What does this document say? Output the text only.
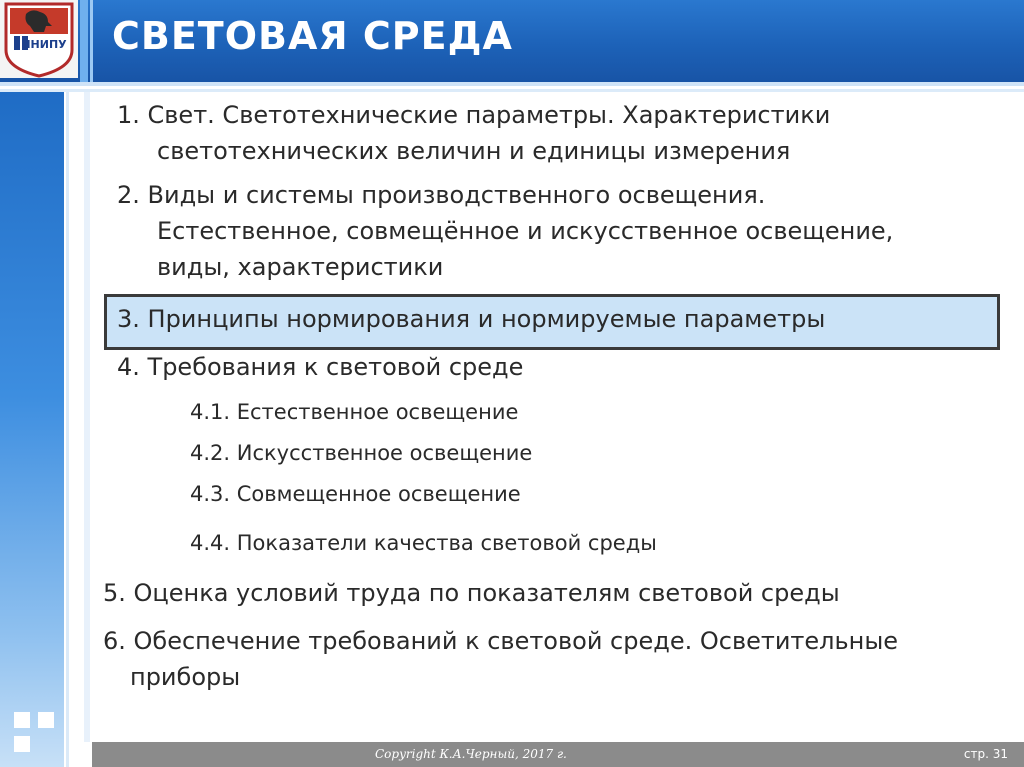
ПНИПУ СВЕТОВАЯ СРЕДА
1. Свет. Светотехнические параметры. Характеристики
светотехнических величин и единицы измерения
2. Виды и системы производственного освещения.
Естественное, совмещённое и искусственное освещение,
виды, характеристики
3. Принципы нормирования и нормируемые параметры
4. Требования к световой среде
4.1. Естественное освещение
4.2. Искусственное освещение
4.3. Совмещенное освещение
4.4. Показатели качества световой среды
5. Оценка условий труда по показателям световой среды
6. Обеспечение требований к световой среде. Осветительные
приборы
Copyright К.А.Черный, 2017 г.	стр. 31
